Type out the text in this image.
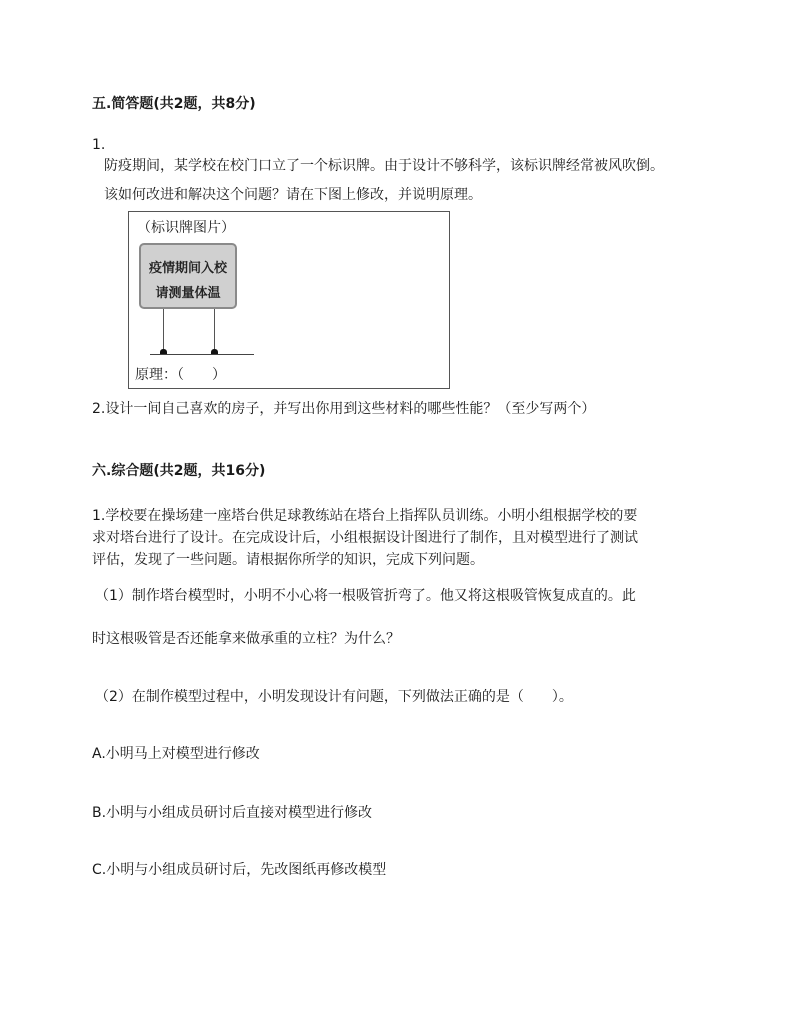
五.简答题(共2题，共8分)
1.
防疫期间，某学校在校门口立了一个标识牌。由于设计不够科学，该标识牌经常被风吹倒。
该如何改进和解决这个问题？请在下图上修改，并说明原理。
（标识牌图片）
疫情期间入校
请测量体温
原理：（　　）
2.设计一间自己喜欢的房子，并写出你用到这些材料的哪些性能？（至少写两个）
六.综合题(共2题，共16分)
1.学校要在操场建一座塔台供足球教练站在塔台上指挥队员训练。小明小组根据学校的要
求对塔台进行了设计。在完成设计后，小组根据设计图进行了制作，且对模型进行了测试
评估，发现了一些问题。请根据你所学的知识，完成下列问题。
（1）制作塔台模型时，小明不小心将一根吸管折弯了。他又将这根吸管恢复成直的。此
时这根吸管是否还能拿来做承重的立柱？为什么？
（2）在制作模型过程中，小明发现设计有问题，下列做法正确的是（　　）。
A.小明马上对模型进行修改
B.小明与小组成员研讨后直接对模型进行修改
C.小明与小组成员研讨后，先改图纸再修改模型
